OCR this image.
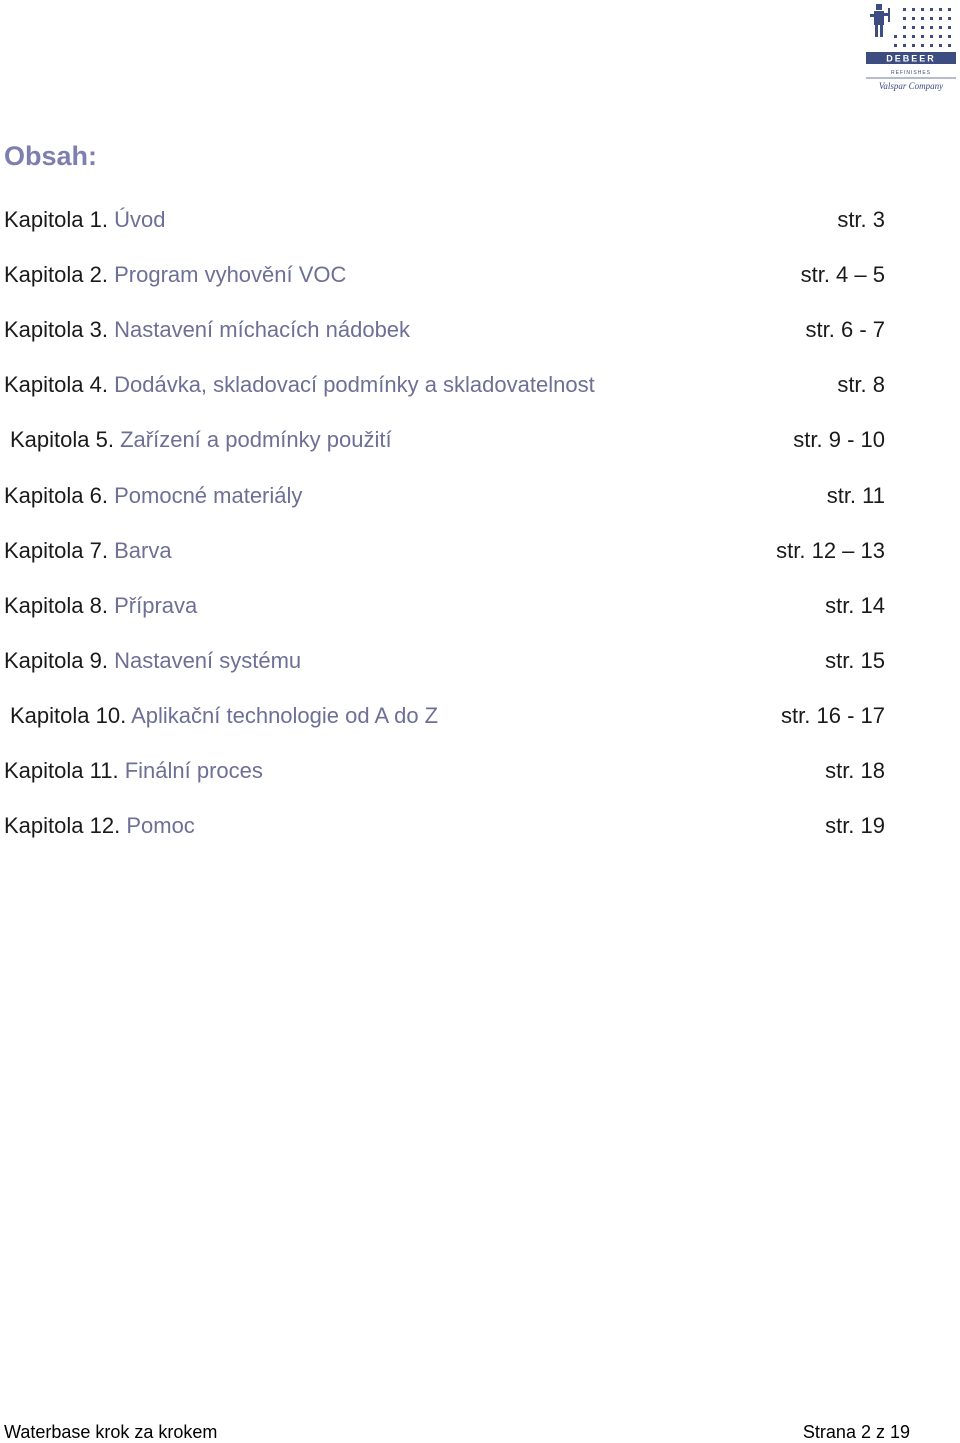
DEBEER
REFINISHES
Valspar Company
Obsah:
Kapitola 1. Úvod	str. 3
Kapitola 2. Program vyhovění VOC	str. 4 – 5
Kapitola 3. Nastavení míchacích nádobek	str. 6 - 7
Kapitola 4. Dodávka, skladovací podmínky a skladovatelnost	str. 8
Kapitola 5. Zařízení a podmínky použití	str. 9 - 10
Kapitola 6. Pomocné materiály	str. 11
Kapitola 7. Barva	str. 12 – 13
Kapitola 8. Příprava	str. 14
Kapitola 9. Nastavení systému	str. 15
Kapitola 10. Aplikační technologie od A do Z	str. 16 - 17
Kapitola 11. Finální proces	str. 18
Kapitola 12. Pomoc	str. 19
Waterbase krok za krokem	Strana 2 z 19
